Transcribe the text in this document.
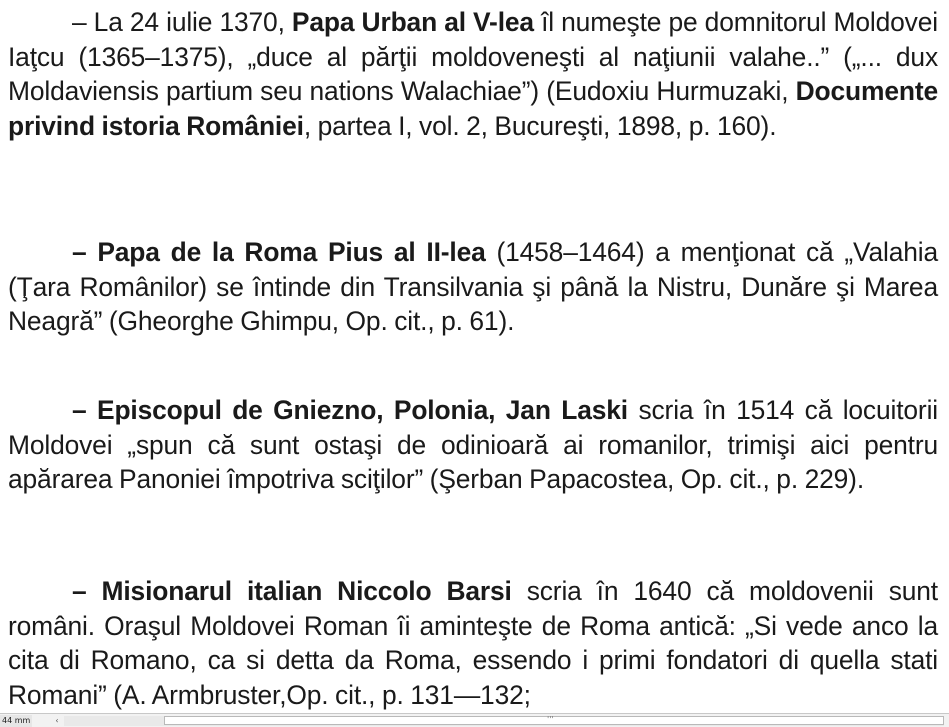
– La 24 iulie 1370, Papa Urban al V-lea îl numeşte pe domnitorul Moldovei Iaţcu (1365–1375), „duce al părţii moldoveneşti al naţiunii valahe..” („... dux Moldaviensis partium seu nations Walachiae”) (Eudoxiu Hurmuzaki, Documente privind istoria României, partea I, vol. 2, Bucureşti, 1898, p. 160).

– Papa de la Roma Pius al II-lea (1458–1464) a menţionat că „Valahia (Ţara Românilor) se întinde din Transilvania şi până la Nistru, Dunăre şi Marea Neagră” (Gheorghe Ghimpu, Op. cit., p. 61).

– Episcopul de Gniezno, Polonia, Jan Laski scria în 1514 că locuitorii Moldovei „spun că sunt ostaşi de odinioară ai romanilor, trimişi aici pentru apărarea Panoniei împotriva sciţilor” (Şerban Papacostea, Op. cit., p. 229).

– Misionarul italian Niccolo Barsi scria în 1640 că moldovenii sunt români. Oraşul Moldovei Roman îi aminteşte de Roma antică: „Si vede anco la cita di Romano, ca si detta da Roma, essendo i primi fondatori di quella stati Romani” (A. Armbruster,Op. cit., p. 131—132;

44 mm	‹	'''
